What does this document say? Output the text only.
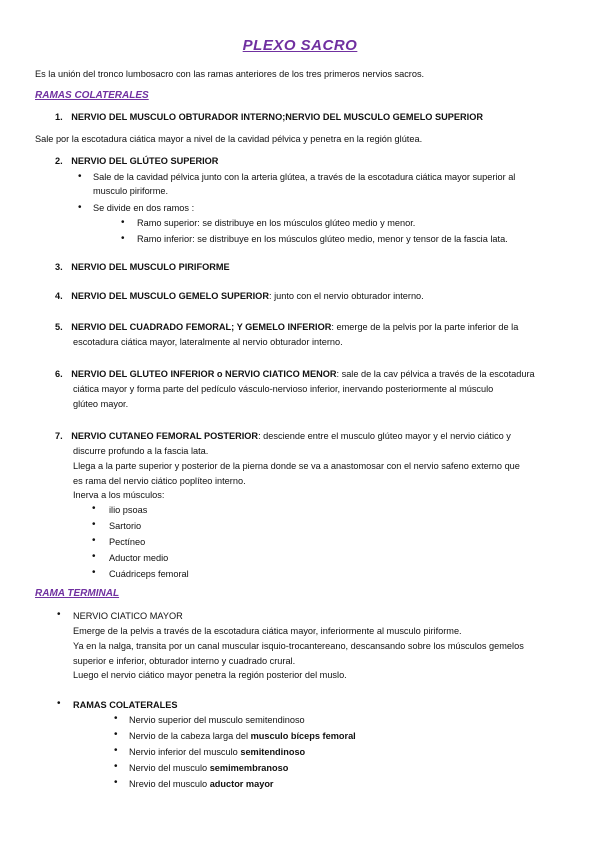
PLEXO SACRO
Es la unión del tronco lumbosacro con las ramas anteriores de los tres primeros nervios sacros.
RAMAS COLATERALES
1. NERVIO DEL MUSCULO OBTURADOR INTERNO;NERVIO DEL MUSCULO GEMELO SUPERIOR
Sale por la escotadura ciática mayor a nivel de la cavidad pélvica y penetra en la región glútea.
2. NERVIO DEL GLÚTEO SUPERIOR
• Sale de la cavidad pélvica junto con la arteria glútea, a través de la escotadura ciática mayor superior al
musculo piriforme.
• Se divide en dos ramos :
• Ramo superior: se distribuye en los músculos glúteo medio y menor.
• Ramo inferior: se distribuye en los músculos glúteo medio, menor y tensor de la fascia lata.
3. NERVIO DEL MUSCULO PIRIFORME
4. NERVIO DEL MUSCULO GEMELO SUPERIOR: junto con el nervio obturador interno.
5. NERVIO DEL CUADRADO FEMORAL; Y GEMELO INFERIOR: emerge de la pelvis por la parte inferior de la
escotadura ciática mayor, lateralmente al nervio obturador interno.
6. NERVIO DEL GLUTEO INFERIOR o NERVIO CIATICO MENOR: sale de la cav pélvica a través de la escotadura
ciática mayor y forma parte del pedículo vásculo-nervioso inferior, inervando posteriormente al músculo
glúteo mayor.
7. NERVIO CUTANEO FEMORAL POSTERIOR: desciende entre el musculo glúteo mayor y el nervio ciático y
discurre profundo a la fascia lata.
Llega a la parte superior y posterior de la pierna donde se va a anastomosar con el nervio safeno externo que
es rama del nervio ciático poplíteo interno.
Inerva a los músculos:
• ilio psoas
• Sartorio
• Pectíneo
• Aductor medio
• Cuádriceps femoral
RAMA TERMINAL
• NERVIO CIATICO MAYOR
Emerge de la pelvis a través de la escotadura ciática mayor, inferiormente al musculo piriforme.
Ya en la nalga, transita por un canal muscular isquio-trocantereano, descansando sobre los músculos gemelos
superior e inferior, obturador interno y cuadrado crural.
Luego el nervio ciático mayor penetra la región posterior del muslo.
• RAMAS COLATERALES
• Nervio superior del musculo semitendinoso
• Nervio de la cabeza larga del musculo bíceps femoral
• Nervio inferior del musculo semitendinoso
• Nervio del musculo semimembranoso
• Nrevio del musculo aductor mayor
